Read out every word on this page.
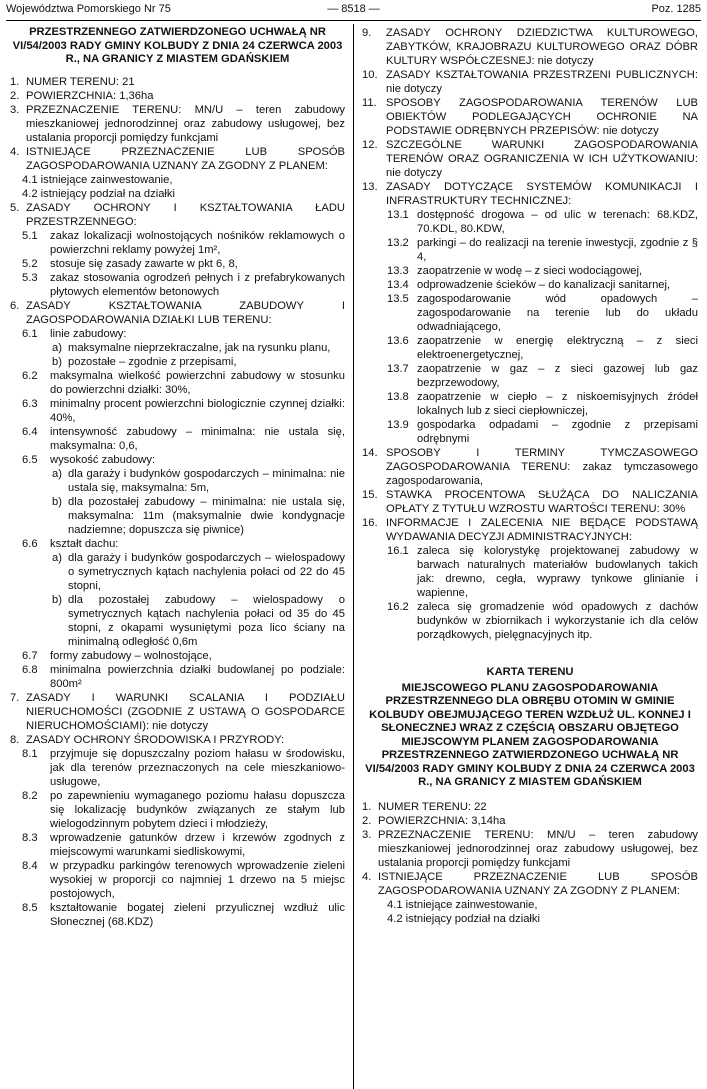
Województwa Pomorskiego Nr 75	— 8518 —	Poz. 1285
PRZESTRZENNEGO ZATWIERDZONEGO UCHWAŁĄ NR VI/54/2003 RADY GMINY KOLBUDY Z DNIA 24 CZERWCA 2003 R., NA GRANICY Z MIASTEM GDAŃSKIEM
1. NUMER TERENU: 21
2. POWIERZCHNIA: 1,36ha
3. PRZEZNACZENIE TERENU: MN/U – teren zabudowy mieszkaniowej jednorodzinnej oraz zabudowy usługowej, bez ustalania proporcji pomiędzy funkcjami
4. ISTNIEJĄCE PRZEZNACZENIE LUB SPOSÓB ZAGOSPODAROWANIA UZNANY ZA ZGODNY Z PLANEM:
4.1 istniejące zainwestowanie,
4.2 istniejący podział na działki
5. ZASADY OCHRONY I KSZTAŁTOWANIA ŁADU PRZESTRZENNEGO:
5.1	zakaz lokalizacji wolnostojących nośników reklamowych o powierzchni reklamy powyżej 1m²,
5.2	stosuje się zasady zawarte w pkt 6, 8,
5.3	zakaz stosowania ogrodzeń pełnych i z prefabrykowanych płytowych elementów betonowych
6. ZASADY KSZTAŁTOWANIA ZABUDOWY I ZAGOSPODAROWANIA DZIAŁKI LUB TERENU:
6.1	linie zabudowy:
a) maksymalne nieprzekraczalne, jak na rysunku planu,
b) pozostałe – zgodnie z przepisami,
6.2	maksymalna wielkość powierzchni zabudowy w stosunku do powierzchni działki: 30%,
6.3	minimalny procent powierzchni biologicznie czynnej działki: 40%,
6.4	intensywność zabudowy – minimalna: nie ustala się, maksymalna: 0,6,
6.5	wysokość zabudowy:
a) dla garaży i budynków gospodarczych – minimalna: nie ustala się, maksymalna: 5m,
b) dla pozostałej zabudowy – minimalna: nie ustala się, maksymalna: 11m (maksymalnie dwie kondygnacje nadziemne; dopuszcza się piwnice)
6.6	kształt dachu:
a) dla garaży i budynków gospodarczych – wielospadowy o symetrycznych kątach nachylenia połaci od 22 do 45 stopni,
b) dla pozostałej zabudowy – wielospadowy o symetrycznych kątach nachylenia połaci od 35 do 45 stopni, z okapami wysuniętymi poza lico ściany na minimalną odległość 0,6m
6.7	formy zabudowy – wolnostojące,
6.8	minimalna powierzchnia działki budowlanej po podziale: 800m²
7. ZASADY I WARUNKI SCALANIA I PODZIAŁU NIERUCHOMOŚCI (ZGODNIE Z USTAWĄ O GOSPODARCE NIERUCHOMOŚCIAMI): nie dotyczy
8. ZASADY OCHRONY ŚRODOWISKA I PRZYRODY:
8.1	przyjmuje się dopuszczalny poziom hałasu w środowisku, jak dla terenów przeznaczonych na cele mieszkaniowo-usługowe,
8.2	po zapewnieniu wymaganego poziomu hałasu dopuszcza się lokalizację budynków związanych ze stałym lub wielogodzinnym pobytem dzieci i młodzieży,
8.3	wprowadzenie gatunków drzew i krzewów zgodnych z miejscowymi warunkami siedliskowymi,
8.4	w przypadku parkingów terenowych wprowadzenie zieleni wysokiej w proporcji co najmniej 1 drzewo na 5 miejsc postojowych,
8.5	kształtowanie bogatej zieleni przyulicznej wzdłuż ulic Słonecznej (68.KDZ)
9.	ZASADY OCHRONY DZIEDZICTWA KULTUROWEGO, ZABYTKÓW, KRAJOBRAZU KULTUROWEGO ORAZ DÓBR KULTURY WSPÓŁCZESNEJ: nie dotyczy
10. ZASADY KSZTAŁTOWANIA PRZESTRZENI PUBLICZNYCH: nie dotyczy
11. SPOSOBY ZAGOSPODAROWANIA TERENÓW LUB OBIEKTÓW PODLEGAJĄCYCH OCHRONIE NA PODSTAWIE ODRĘBNYCH PRZEPISÓW: nie dotyczy
12. SZCZEGÓLNE WARUNKI ZAGOSPODAROWANIA TERENÓW ORAZ OGRANICZENIA W ICH UŻYTKOWANIU: nie dotyczy
13. ZASADY DOTYCZĄCE SYSTEMÓW KOMUNIKACJI I INFRASTRUKTURY TECHNICZNEJ:
13.1 dostępność drogowa – od ulic w terenach: 68.KDZ, 70.KDL, 80.KDW,
13.2 parkingi – do realizacji na terenie inwestycji, zgodnie z § 4,
13.3 zaopatrzenie w wodę – z sieci wodociągowej,
13.4 odprowadzenie ścieków – do kanalizacji sanitarnej,
13.5 zagospodarowanie wód opadowych – zagospodarowanie na terenie lub do układu odwadniającego,
13.6 zaopatrzenie w energię elektryczną – z sieci elektroenergetycznej,
13.7 zaopatrzenie w gaz – z sieci gazowej lub gaz bezprzewodowy,
13.8 zaopatrzenie w ciepło – z niskoemisyjnych źródeł lokalnych lub z sieci ciepłowniczej,
13.9 gospodarka odpadami – zgodnie z przepisami odrębnymi
14. SPOSOBY I TERMINY TYMCZASOWEGO ZAGOSPODAROWANIA TERENU: zakaz tymczasowego zagospodarowania,
15. STAWKA PROCENTOWA SŁUŻĄCA DO NALICZANIA OPŁATY Z TYTUŁU WZROSTU WARTOŚCI TERENU: 30%
16. INFORMACJE I ZALECENIA NIE BĘDĄCE PODSTAWĄ WYDAWANIA DECYZJI ADMINISTRACYJNYCH:
16.1 zaleca się kolorystykę projektowanej zabudowy w barwach naturalnych materiałów budowlanych takich jak: drewno, cegła, wyprawy tynkowe glinianie i wapienne,
16.2 zaleca się gromadzenie wód opadowych z dachów budynków w zbiornikach i wykorzystanie ich dla celów porządkowych, pielęgnacyjnych itp.
KARTA TERENU
MIEJSCOWEGO PLANU ZAGOSPODAROWANIA PRZESTRZENNEGO DLA OBRĘBU OTOMIN W GMINIE KOLBUDY OBEJMUJĄCEGO TEREN WZDŁUŻ UL. KONNEJ I SŁONECZNEJ WRAZ Z CZĘŚCIĄ OBSZARU OBJĘTEGO MIEJSCOWYM PLANEM ZAGOSPODAROWANIA PRZESTRZENNEGO ZATWIERDZONEGO UCHWAŁĄ NR VI/54/2003 RADY GMINY KOLBUDY Z DNIA 24 CZERWCA 2003 R., NA GRANICY Z MIASTEM GDAŃSKIEM
1. NUMER TERENU: 22
2. POWIERZCHNIA: 3,14ha
3. PRZEZNACZENIE TERENU: MN/U – teren zabudowy mieszkaniowej jednorodzinnej oraz zabudowy usługowej, bez ustalania proporcji pomiędzy funkcjami
4. ISTNIEJĄCE PRZEZNACZENIE LUB SPOSÓB ZAGOSPODAROWANIA UZNANY ZA ZGODNY Z PLANEM:
4.1 istniejące zainwestowanie,
4.2 istniejący podział na działki
